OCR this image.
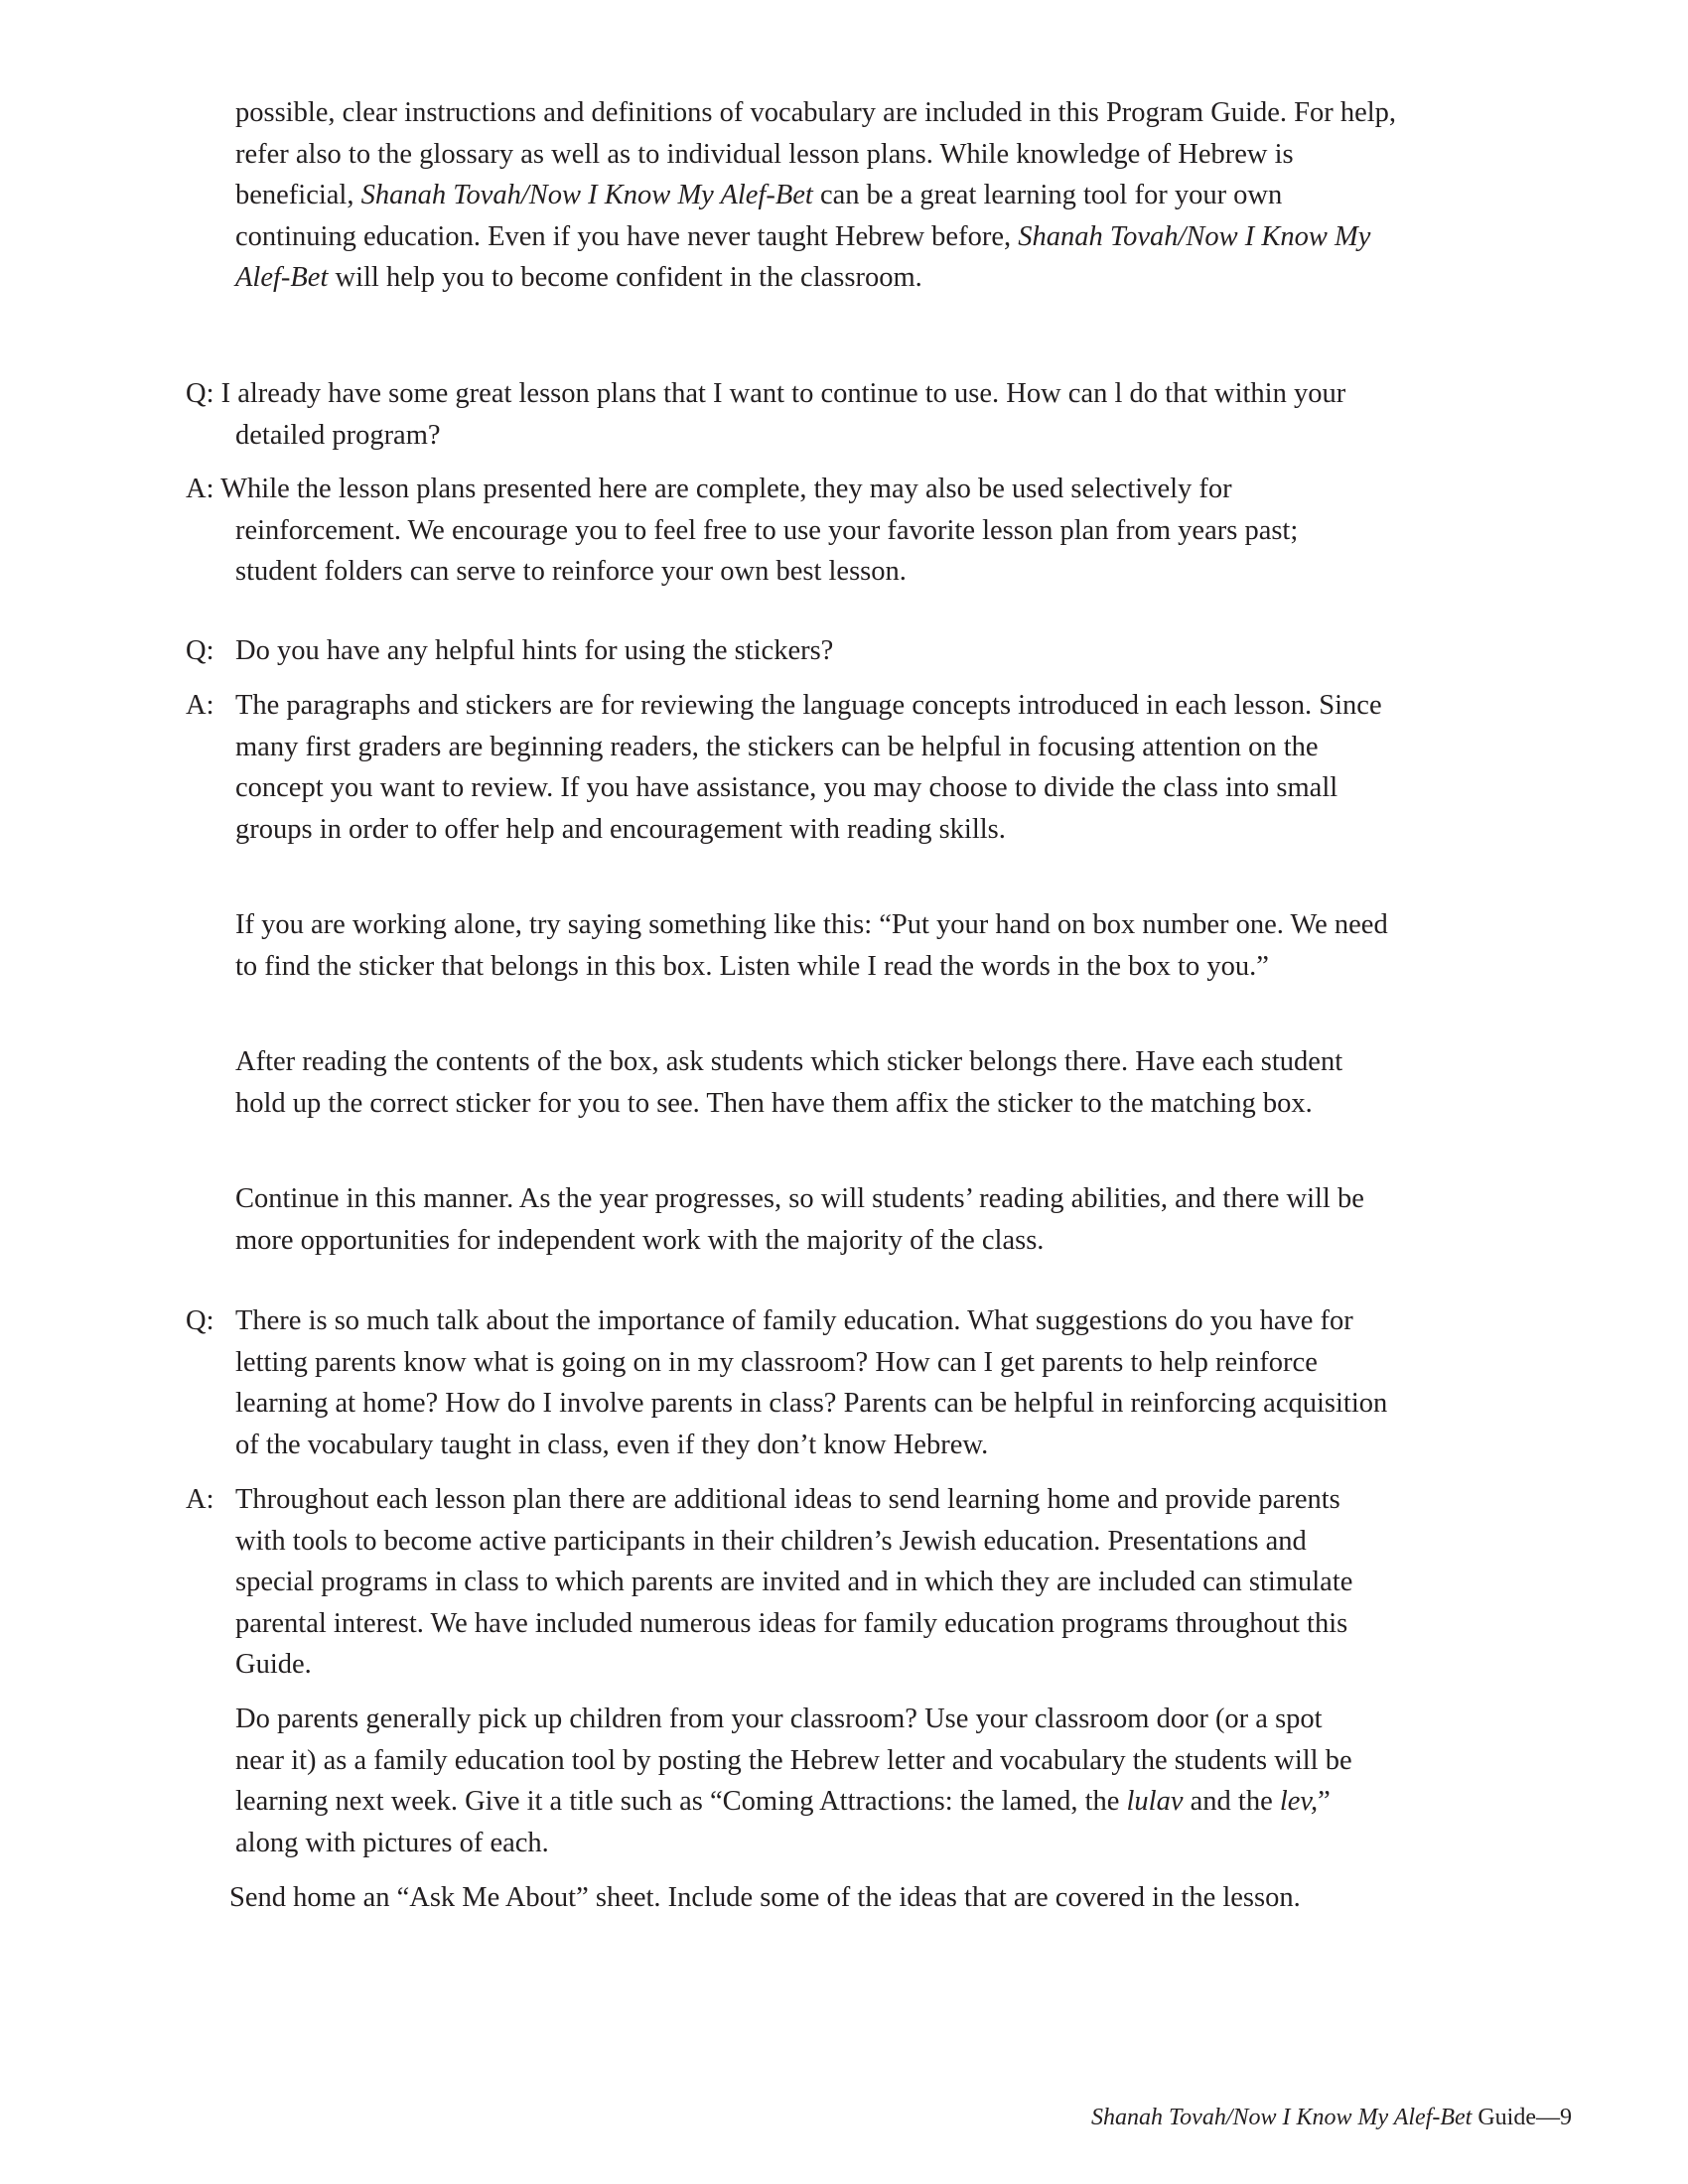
possible, clear instructions and definitions of vocabulary are included in this Program Guide. For help, refer also to the glossary as well as to individual lesson plans. While knowledge of Hebrew is beneficial, Shanah Tovah/Now I Know My Alef-Bet can be a great learning tool for your own continuing education. Even if you have never taught Hebrew before, Shanah Tovah/Now I Know My Alef-Bet will help you to become confident in the classroom.
Q: I already have some great lesson plans that I want to continue to use. How can l do that within your detailed program?
A: While the lesson plans presented here are complete, they may also be used selectively for reinforcement. We encourage you to feel free to use your favorite lesson plan from years past; student folders can serve to reinforce your own best lesson.
Q: Do you have any helpful hints for using the stickers?
A: The paragraphs and stickers are for reviewing the language concepts introduced in each lesson. Since many first graders are beginning readers, the stickers can be helpful in focusing attention on the concept you want to review. If you have assistance, you may choose to divide the class into small groups in order to offer help and encouragement with reading skills.
If you are working alone, try saying something like this: “Put your hand on box number one. We need to find the sticker that belongs in this box. Listen while I read the words in the box to you.”
After reading the contents of the box, ask students which sticker belongs there. Have each student hold up the correct sticker for you to see. Then have them affix the sticker to the matching box.
Continue in this manner. As the year progresses, so will students’ reading abilities, and there will be more opportunities for independent work with the majority of the class.
Q: There is so much talk about the importance of family education. What suggestions do you have for letting parents know what is going on in my classroom? How can I get parents to help reinforce learning at home? How do I involve parents in class? Parents can be helpful in reinforcing acquisition of the vocabulary taught in class, even if they don’t know Hebrew.
A: Throughout each lesson plan there are additional ideas to send learning home and provide parents with tools to become active participants in their children’s Jewish education. Presentations and special programs in class to which parents are invited and in which they are included can stimulate parental interest. We have included numerous ideas for family education programs throughout this Guide.
Do parents generally pick up children from your classroom? Use your classroom door (or a spot near it) as a family education tool by posting the Hebrew letter and vocabulary the students will be learning next week. Give it a title such as “Coming Attractions: the lamed, the lulav and the lev,” along with pictures of each.
Send home an “Ask Me About” sheet. Include some of the ideas that are covered in the lesson.
Shanah Tovah/Now I Know My Alef-Bet Guide—9
